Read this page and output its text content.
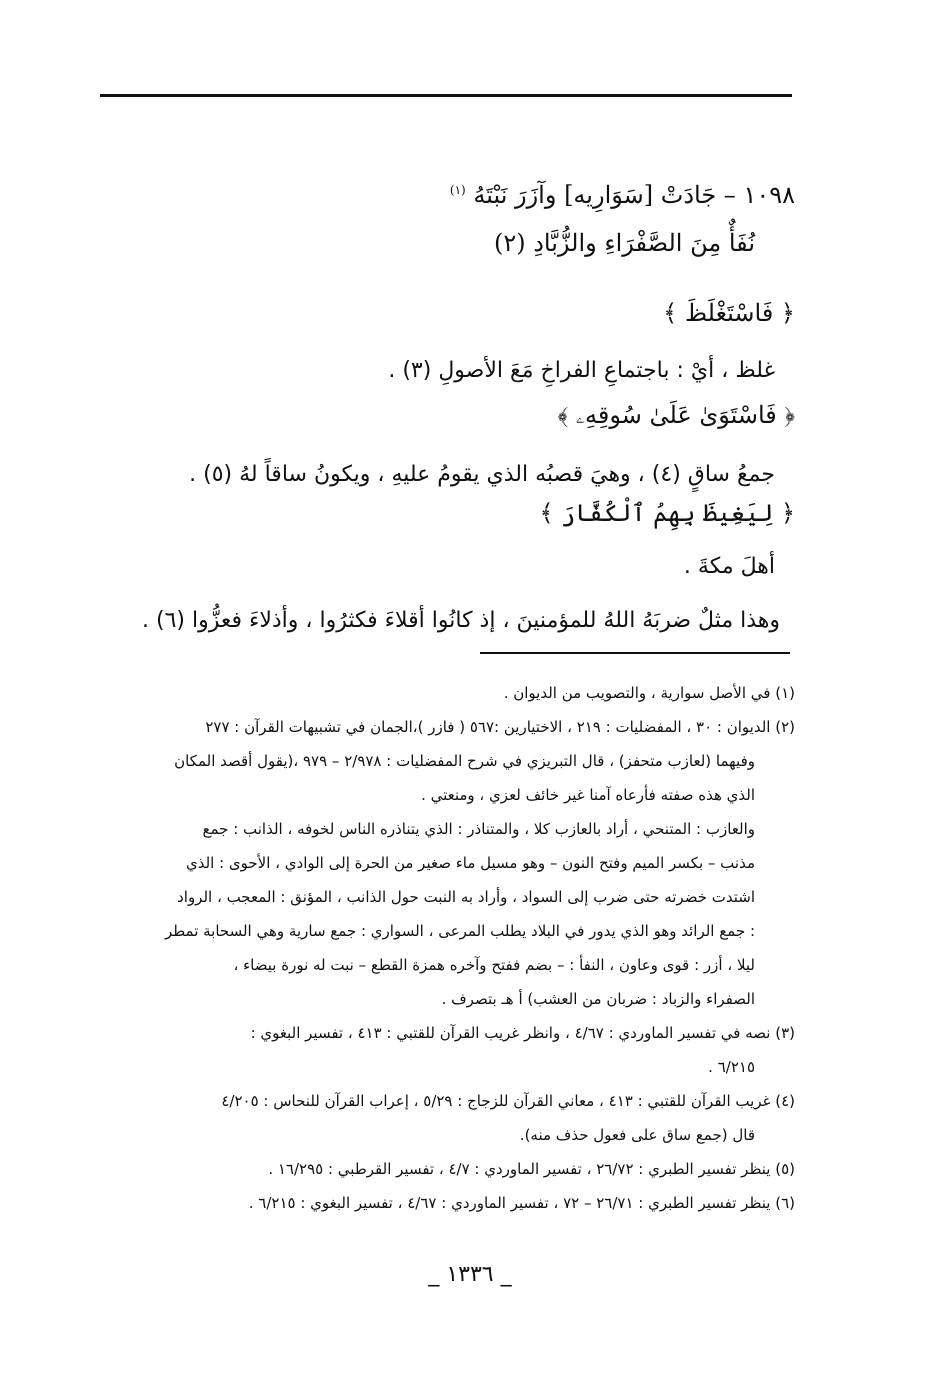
١٠٩٨ – جَادَتْ [سَوَارِيه] وآزَرَ نَبْتَهُ $^{(١)}$
نُفَأٌ مِنَ الصَّفْرَاءِ والزُّبَّادِ (٢)
﴿ فَاسْتَغْلَظَ ﴾
غلظ ، أيْ : باجتماعِ الفراخِ مَعَ الأصولِ (٣) .
﴿ فَاسْتَوَىٰ عَلَىٰ سُوقِهِۦ ﴾
جمعُ ساقٍ (٤) ، وهيَ قصبُه الذي يقومُ عليهِ ، ويكونُ ساقاً لهُ (٥) .
﴿ لِيَغِيظَ بِهِمُ ٱلْكُفَّارَ ﴾
أهلَ مكةَ .
وهذا مثلٌ ضربَهُ اللهُ للمؤمنينَ ، إذ كانُوا أقلاءَ فكثرُوا ، وأذلاءَ فعزُّوا (٦) .
(١) في الأصل سوارية ، والتصويب من الديوان .
(٢) الديوان : ٣٠ ، المفضليات : ٢١٩ ، الاختيارين :٥٦٧ ( فازر )،الجمان في تشبيهات القرآن : ٢٧٧
وفيهما (لعازب متحفز) ، قال التبريزي في شرح المفضليات : ٢/٩٧٨ – ٩٧٩ ،(يقول أقصد المكان
الذي هذه صفته فأرعاه آمنا غير خائف لعزي ، ومنعتي .
والعازب : المتنحي ، أراد بالعازب كلا ، والمتناذر : الذي يتناذره الناس لخوفه ، الذانب : جمع
مذنب – بكسر الميم وفتح النون – وهو مسيل ماء صغير من الحرة إلى الوادي ، الأحوى : الذي
اشتدت خضرته حتى ضرب إلى السواد ، وأراد به النبت حول الذانب ، المؤنق : المعجب ، الرواد
: جمع الرائد وهو الذي يدور في البلاد يطلب المرعى ، السواري : جمع سارية وهي السحابة تمطر
ليلا ، أزر : قوى وعاون ، النفأ : – بضم ففتح وآخره همزة القطع – نبت له نورة بيضاء ،
الصفراء والزباد : ضربان من العشب) أ هـ بتصرف .
(٣) نصه في تفسير الماوردي : ٤/٦٧ ، وانظر غريب القرآن للقتبي : ٤١٣ ، تفسير البغوي :
٦/٢١٥ .
(٤) غريب القرآن للقتبي : ٤١٣ ، معاني القرآن للزجاج : ٥/٢٩ ، إعراب القرآن للنحاس : ٤/٢٠٥
قال (جمع ساق على فعول حذف منه).
(٥) ينظر تفسير الطبري : ٢٦/٧٢ ، تفسير الماوردي : ٤/٧ ، تفسير القرطبي : ١٦/٢٩٥ .
(٦) ينظر تفسير الطبري : ٢٦/٧١ – ٧٢ ، تفسير الماوردي : ٤/٦٧ ، تفسير البغوي : ٦/٢١٥ .
_ ١٣٣٦ _
